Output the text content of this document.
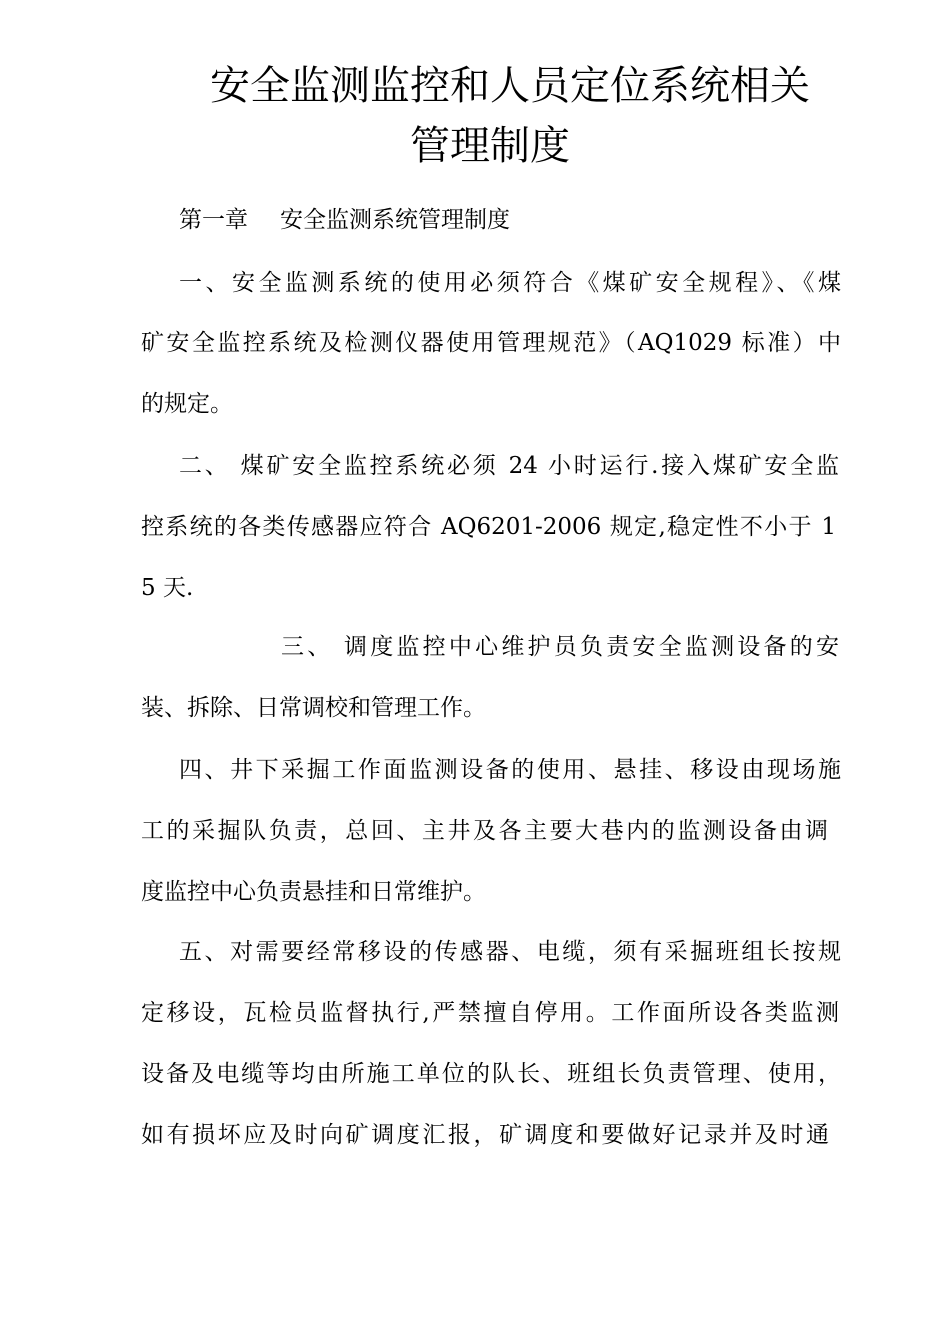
安全监测监控和人员定位系统相关
管理制度
第一章 安全监测系统管理制度

一、安全监测系统的使用必须符合《煤矿安全规程》、《煤

矿安全监控系统及检测仪器使用管理规范》（AQ1029 标准）中

的规定。

二、 煤矿安全监控系统必须 24 小时运行.接入煤矿安全监

控系统的各类传感器应符合 AQ6201-2006 规定,稳定性不小于 1

5 天.

三、 调度监控中心维护员负责安全监测设备的安

装、拆除、日常调校和管理工作。

四、井下采掘工作面监测设备的使用、悬挂、移设由现场施

工的采掘队负责，总回、主井及各主要大巷内的监测设备由调

度监控中心负责悬挂和日常维护。

五、对需要经常移设的传感器、电缆，须有采掘班组长按规

定移设，瓦检员监督执行,严禁擅自停用。工作面所设各类监测

设备及电缆等均由所施工单位的队长、班组长负责管理、使用，

如有损坏应及时向矿调度汇报，矿调度和要做好记录并及时通
